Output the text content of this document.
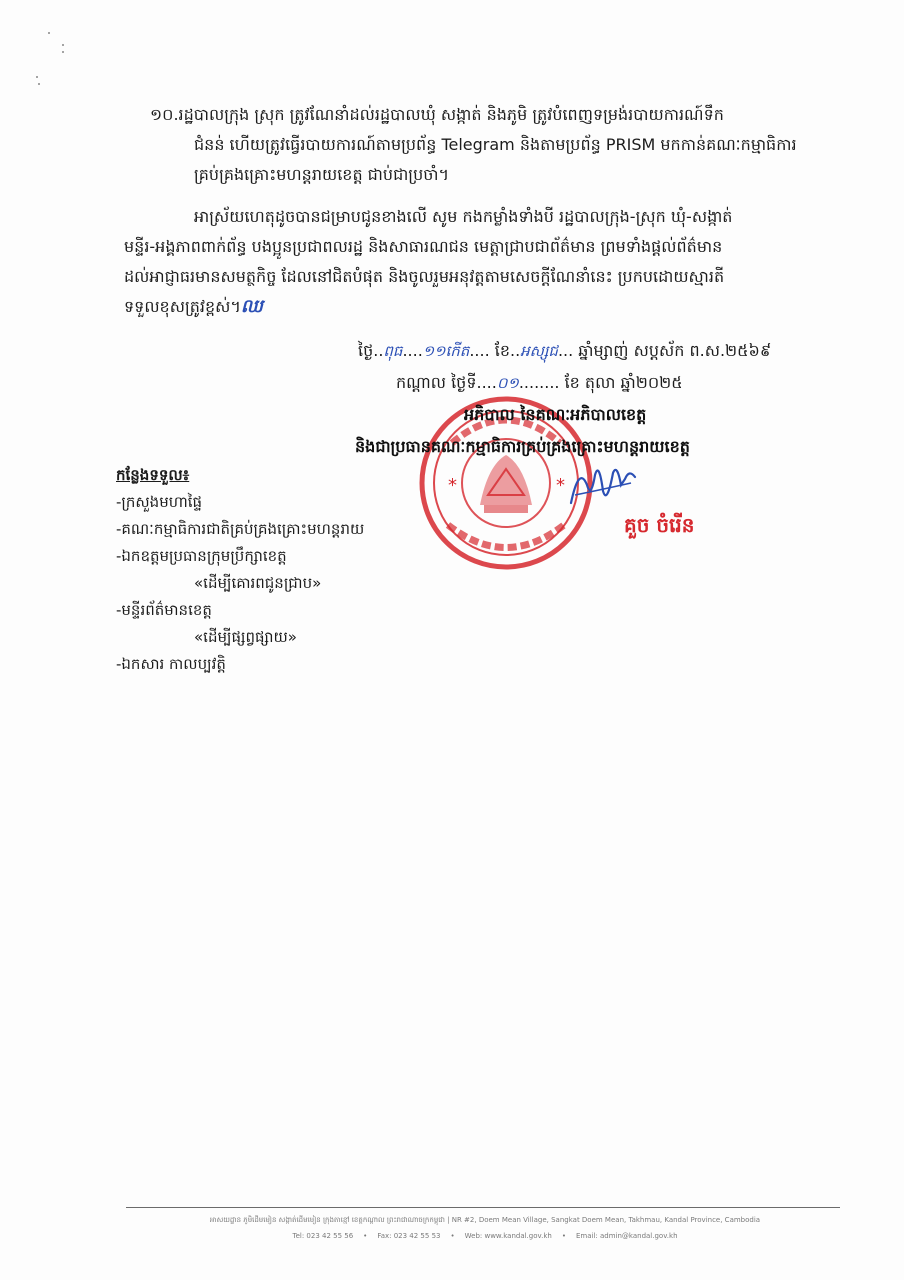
១០.រដ្ឋបាលក្រុង ស្រុក ត្រូវណែនាំដល់រដ្ឋបាលឃុំ សង្កាត់ និងភូមិ ត្រូវបំពេញទម្រង់របាយការណ៍ទឹក
ជំនន់ ហើយត្រូវធ្វើរបាយការណ៍តាមប្រព័ន្ធ Telegram និងតាមប្រព័ន្ធ PRISM មកកាន់គណៈកម្មាធិការ
គ្រប់គ្រងគ្រោះមហន្តរាយខេត្ត ជាប់ជាប្រចាំ។
អាស្រ័យហេតុដូចបានជម្រាបជូនខាងលើ សូម កងកម្លាំងទាំងបី រដ្ឋបាលក្រុង-ស្រុក ឃុំ-សង្កាត់
មន្ទីរ-អង្គភាពពាក់ព័ន្ធ បងប្អូនប្រជាពលរដ្ឋ និងសាធារណជន មេត្តាជ្រាបជាព័ត៌មាន ព្រមទាំងផ្តល់ព័ត៌មាន
ដល់អាជ្ញាធរមានសមត្ថកិច្ច ដែលនៅជិតបំផុត និងចូលរួមអនុវត្តតាមសេចក្តីណែនាំនេះ ប្រកបដោយស្មារតី
ទទួលខុសត្រូវខ្ពស់។ឈ
ថ្ងៃ..ពុធ....១១កើត.... ខែ..អស្សុជ... ឆ្នាំម្សាញ់ សប្តស័ក ព.ស.២៥៦៩
កណ្តាល ថ្ងៃទី....០១........ ខែ តុលា ឆ្នាំ២០២៥
*	*
អភិបាល នៃគណៈអភិបាលខេត្ត
និងជាប្រធានគណៈកម្មាធិការគ្រប់គ្រងគ្រោះមហន្តរាយខេត្ត
គួច ចំរើន
កន្លែងទទួល៖
-ក្រសួងមហាផ្ទៃ
-គណៈកម្មាធិការជាតិគ្រប់គ្រងគ្រោះមហន្តរាយ
-ឯកឧត្តមប្រធានក្រុមប្រឹក្សាខេត្ត
«ដើម្បីគោរពជូនជ្រាប»
-មន្ទីរព័ត៌មានខេត្ត
«ដើម្បីផ្សព្វផ្សាយ»
-ឯកសារ កាលប្បវត្តិ
អាសយដ្ឋាន ភូមិដើមមៀន សង្កាត់ដើមមៀន ក្រុងតាខ្មៅ ខេត្តកណ្តាល ព្រះរាជាណាចក្រកម្ពុជា | NR #2, Doem Mean Village, Sangkat Doem Mean, Takhmau, Kandal Province, Cambodia
Tel: 023 42 55 56 • Fax: 023 42 55 53 • Web: www.kandal.gov.kh • Email: admin@kandal.gov.kh
